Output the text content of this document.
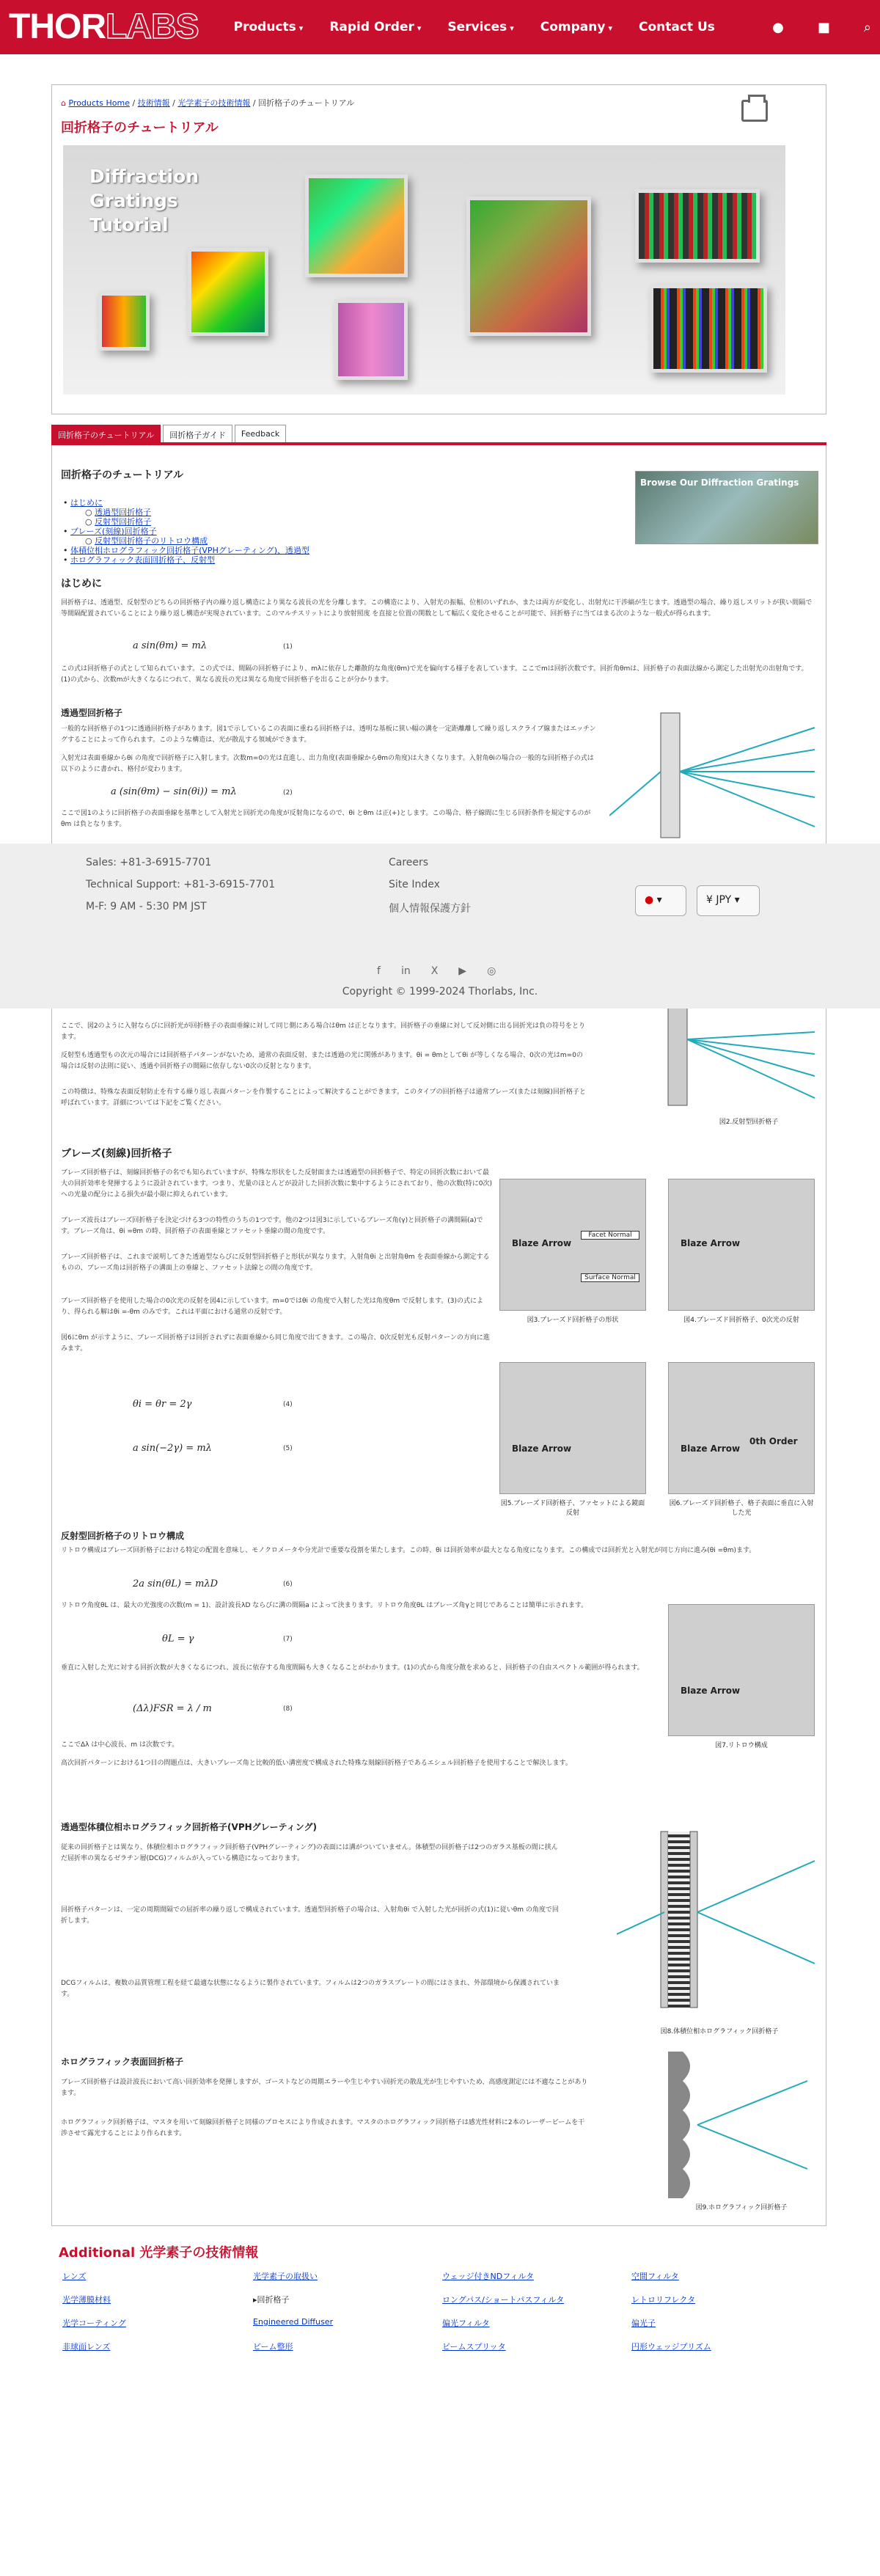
THORLABS	Products ▾	Rapid Order ▾	Services ▾	Company ▾	Contact Us	●	■	⌕
⌂ Products Home / 技術情報 / 光学素子の技術情報 / 回折格子のチュートリアル
回折格子のチュートリアル
Diffraction
Gratings
Tutorial
回折格子のチュートリアル	回折格子ガイド	Feedback
回折格子のチュートリアル
• はじめに
○ 透過型回折格子
○ 反射型回折格子
• ブレーズ(刻線)回折格子
○ 反射型回折格子のリトロウ構成
• 体積位相ホログラフィック回折格子(VPHグレーティング)、透過型
• ホログラフィック表面回折格子、反射型
Browse Our Diffraction Gratings
はじめに
回折格子は、透過型、反射型のどちらの回折格子内の繰り返し構造により異なる波長の光を分離します。この構造により、入射光の振幅、位相のいずれか、または両方が変化し、出射光に干渉縞が生じます。透過型の場合、繰り返しスリットが狭い間隔で等間隔配置されていることにより繰り返し構造が実現されています。このマルチスリットにより放射照度 を直接と位置の関数として幅広く変化させることが可能で、回折格子に当てはまる次のような一般式が得られます。
a sin(θm) = mλ	(1)
この式は回折格子の式として知られています。この式では、間隔の回折格子により、mλに依存した離散的な角度(θm)で光を偏向する様子を表しています。ここでmは回折次数です。回折角θmは、回折格子の表面法線から測定した出射光の出射角です。(1)の式から、次数mが大きくなるにつれて、異なる波長の光は異なる角度で回折格子を出ることが分かります。
透過型回折格子
一般的な回折格子の1つに透過回折格子があります。図1で示しているこの表面に重ねる回折格子は、透明な基板に狭い幅の溝を一定距離離して繰り返しスクライブ線またはエッチングすることによって作られます。このような構造は、光が散乱する領域ができます。
入射光は表面垂線からθi の角度で回折格子に入射します。次数m=0の光は直進し、出力角度(表面垂線からθmの角度)は大きくなります。入射角θiの場合の一般的な回折格子の式は以下のように書かれ、格付が変わります。
a (sin(θm) − sin(θi)) = mλ	(2)
ここで図1のように回折格子の表面垂線を基準として入射光と回折光の角度が反射角になるので、θi とθm は正(+)とします。この場合、格子線間に生じる回折条件を規定するのがθm は負となります。
ここで、図2のように入射ならびに回折光が回折格子の表面垂線に対して同じ側にある場合はθm は正となります。回折格子の垂線に対して反対側に出る回折光は負の符号をとります。
反射型も透過型もの次元の場合には回折格子パターンがないため、通常の表面反射、または透過の光に関係があります。θi = θmとしてθi が等しくなる場合、0次の光はm=0の場合は反射の法則に従い、透過や回折格子の間隔に依存しない0次の反射となります。
この特徴は、特殊な表面反射防止を有する繰り返し表面パターンを作製することによって解決することができます。このタイプの回折格子は通常ブレーズ(または刻線)回折格子と呼ばれています。詳細については下記をご覧ください。
図2.反射型回折格子
ブレーズ(刻線)回折格子
ブレーズ回折格子は、刻線回折格子の名でも知られていますが、特殊な形状をした反射面または透過型の回折格子で、特定の回折次数において最大の回折効率を発揮するように設計されています。つまり、光量のほとんどが設計した回折次数に集中するようにされており、他の次数(特に0次)への光量の配分による損失が最小限に抑えられています。
ブレーズ波長はブレーズ回折格子を決定づける3つの特性のうちの1つです。他の2つは図3に示しているブレーズ角(γ)と回折格子の溝間隔(a)です。ブレーズ角は、θi =θm の時、回折格子の表面垂線とファセット垂線の間の角度です。
ブレーズ回折格子は、これまで説明してきた透過型ならびに反射型回折格子と形状が異なります。入射角θi と出射角θm を表面垂線から測定するものの、ブレーズ角は回折格子の溝面上の垂線と、ファセット法線との間の角度です。
ブレーズ回折格子を使用した場合の0次光の反射を図4に示しています。m=0ではθi の角度で入射した光は角度θm で反射します。(3)の式により、得られる解はθi =-θm のみです。これは平面における通常の反射です。
図6にθm が示すように、ブレーズ回折格子は回折されずに表面垂線から同じ角度で出てきます。この場合、0次反射光も反射パターンの方向に進みます。
θi = θr = 2γ	(4)
a sin(−2γ) = mλ	(5)
Blaze Arrow
Facet Normal
Surface Normal
図3.ブレーズド回折格子の形状
Blaze Arrow
図4.ブレーズド回折格子、0次光の反射
Blaze Arrow
図5.ブレーズド回折格子、ファセットによる鏡面反射
Blaze Arrow
0th Order
図6.ブレーズド回折格子、格子表面に垂直に入射した光
反射型回折格子のリトロウ構成
リトロウ構成はブレーズ回折格子における特定の配置を意味し、モノクロメータや分光計で重要な役割を果たします。この時、θi は回折効率が最大となる角度になります。この構成では回折光と入射光が同じ方向に進み(θi =θm)ます。
2a sin(θL) = mλD	(6)
リトロウ角度θL は、最大の光強度の次数(m = 1)、設計波長λD ならびに溝の間隔a によって決まります。リトロウ角度θL はブレーズ角γと同じであることは簡単に示されます。
θL = γ	(7)
垂直に入射した光に対する回折次数が大きくなるにつれ、波長に依存する角度間隔も大きくなることがわかります。(1)の式から角度分散を求めると、回折格子の自由スペクトル範囲が得られます。
(Δλ)FSR = λ / m	(8)
ここでΔλ は中心波長、m は次数です。
高次回折パターンにおける1つ目の問題点は、大きいブレーズ角と比較的低い溝密度で構成された特殊な刻線回折格子であるエシェル回折格子を使用することで解決します。
Blaze Arrow
図7.リトロウ構成
透過型体積位相ホログラフィック回折格子(VPHグレーティング)
従来の回折格子とは異なり、体積位相ホログラフィック回折格子(VPHグレーティング)の表面には溝がついていません。体積型の回折格子は2つのガラス基板の間に挟んだ屈折率の異なるゼラチン層(DCG)フィルムが入っている構造になっております。
回折格子パターンは、一定の周期間隔での屈折率の繰り返しで構成されています。透過型回折格子の場合は、入射角θi で入射した光が回折の式(1)に従いθm の角度で回折します。
DCGフィルムは、複数の品質管理工程を経て最適な状態になるように製作されています。フィルムは2つのガラスプレートの間にはさまれ、外部環境から保護されています。
図8.体積位相ホログラフィック回折格子
ホログラフィック表面回折格子
ブレーズ回折格子は設計波長において高い回折効率を発揮しますが、ゴーストなどの周期エラーや生じやすい回折光の散乱光が生じやすいため、高感度測定には不適なことがあります。
ホログラフィック回折格子は、マスタを用いて刻線回折格子と同様のプロセスにより作成されます。マスタのホログラフィック回折格子は感光性材料に2本のレーザービームを干渉させて露光することにより作られます。
図9.ホログラフィック回折格子
Sales: +81-3-6915-7701
Technical Support: +81-3-6915-7701
M-F: 9 AM - 5:30 PM JST
Careers
Site Index
個人情報保護方針
● ▾	¥ JPY ▾
f in X ▶ ◎
Copyright © 1999-2024 Thorlabs, Inc.
Additional 光学素子の技術情報
レンズ	光学素子の取扱い	ウェッジ付きNDフィルタ	空間フィルタ
光学薄膜材料	▸回折格子	ロングパス/ショートパスフィルタ	レトロリフレクタ
光学コーティング	Engineered Diffuser	偏光フィルタ	偏光子
非球面レンズ	ビーム整形	ビームスプリッタ	円形ウェッジプリズム
